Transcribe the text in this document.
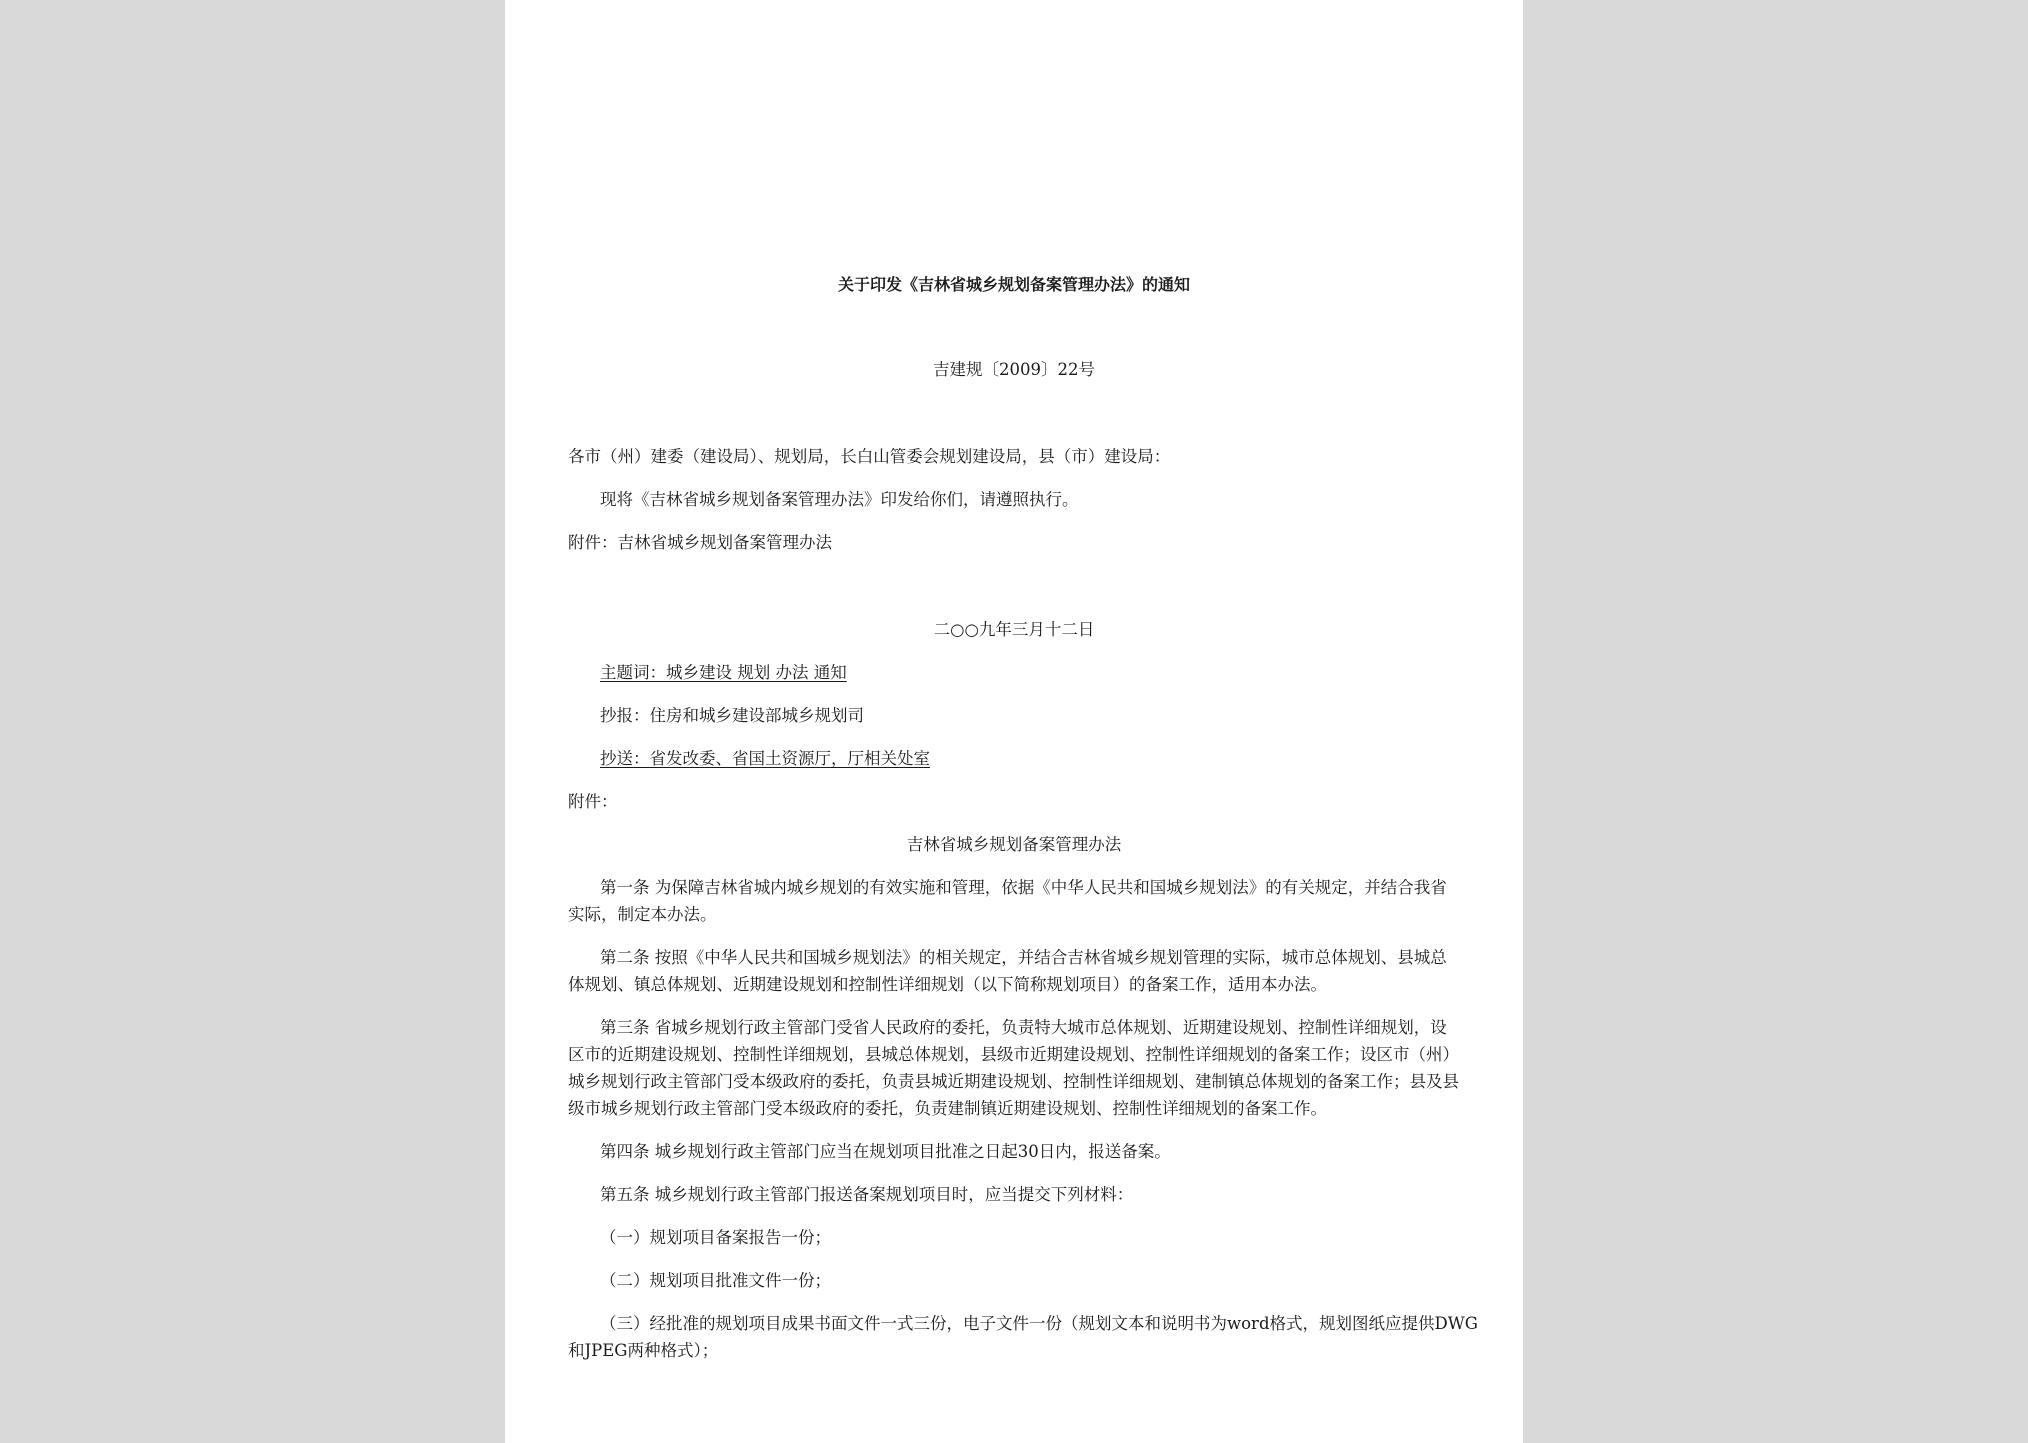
关于印发《吉林省城乡规划备案管理办法》的通知
吉建规〔2009〕22号
各市（州）建委（建设局）、规划局，长白山管委会规划建设局，县（市）建设局：
现将《吉林省城乡规划备案管理办法》印发给你们，请遵照执行。
附件：吉林省城乡规划备案管理办法
二○○九年三月十二日
主题词：城乡建设 规划 办法 通知
抄报：住房和城乡建设部城乡规划司
抄送：省发改委、省国土资源厅，厅相关处室
附件：
吉林省城乡规划备案管理办法
第一条 为保障吉林省城内城乡规划的有效实施和管理，依据《中华人民共和国城乡规划法》的有关规定，并结合我省
实际，制定本办法。
第二条 按照《中华人民共和国城乡规划法》的相关规定，并结合吉林省城乡规划管理的实际，城市总体规划、县城总
体规划、镇总体规划、近期建设规划和控制性详细规划（以下简称规划项目）的备案工作，适用本办法。
第三条 省城乡规划行政主管部门受省人民政府的委托，负责特大城市总体规划、近期建设规划、控制性详细规划，设
区市的近期建设规划、控制性详细规划，县城总体规划，县级市近期建设规划、控制性详细规划的备案工作；设区市（州）
城乡规划行政主管部门受本级政府的委托，负责县城近期建设规划、控制性详细规划、建制镇总体规划的备案工作；县及县
级市城乡规划行政主管部门受本级政府的委托，负责建制镇近期建设规划、控制性详细规划的备案工作。
第四条 城乡规划行政主管部门应当在规划项目批准之日起30日内，报送备案。
第五条 城乡规划行政主管部门报送备案规划项目时，应当提交下列材料：
（一）规划项目备案报告一份；
（二）规划项目批准文件一份；
（三）经批准的规划项目成果书面文件一式三份，电子文件一份（规划文本和说明书为word格式，规划图纸应提供DWG
和JPEG两种格式）；
